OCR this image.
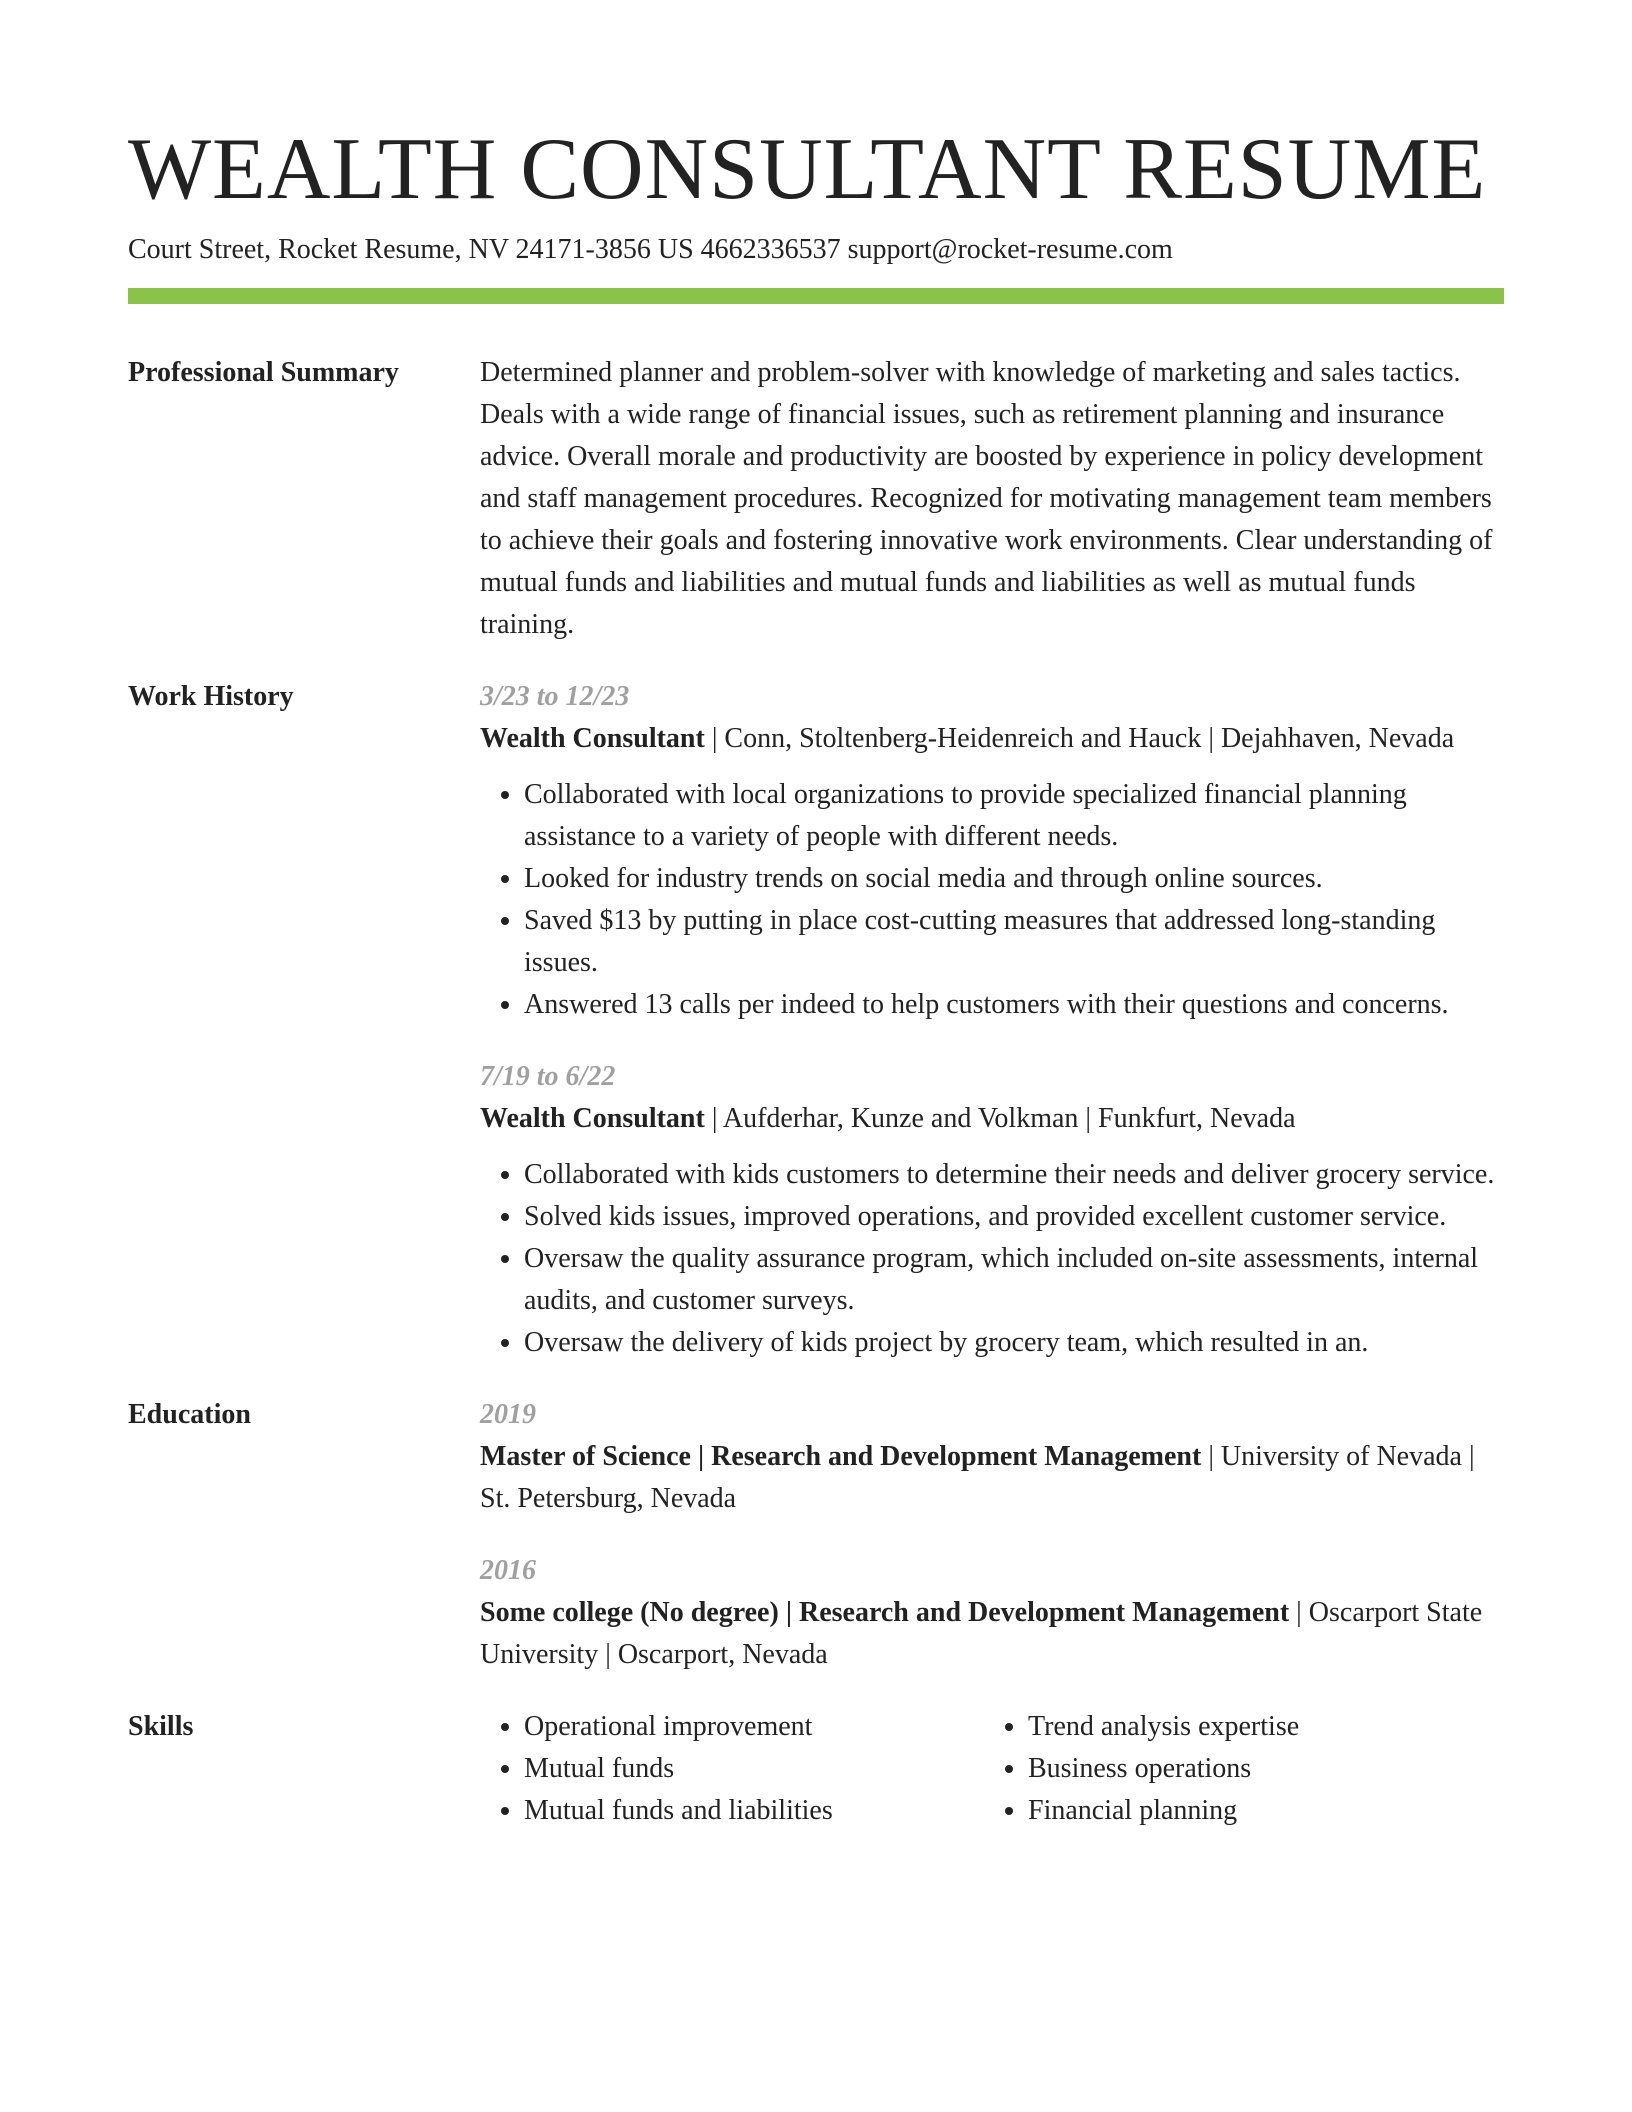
WEALTH CONSULTANT RESUME
Court Street, Rocket Resume, NV 24171-3856 US 4662336537 support@rocket-resume.com
Professional Summary	Determined planner and problem-solver with knowledge of marketing and sales tactics. Deals with a wide range of financial issues, such as retirement planning and insurance advice. Overall morale and productivity are boosted by experience in policy development and staff management procedures. Recognized for motivating management team members to achieve their goals and fostering innovative work environments. Clear understanding of mutual funds and liabilities and mutual funds and liabilities as well as mutual funds training.

Work History	3/23 to 12/23
Wealth Consultant | Conn, Stoltenberg-Heidenreich and Hauck | Dejahhaven, Nevada
• Collaborated with local organizations to provide specialized financial planning assistance to a variety of people with different needs.
• Looked for industry trends on social media and through online sources.
• Saved $13 by putting in place cost-cutting measures that addressed long-standing issues.
• Answered 13 calls per indeed to help customers with their questions and concerns.
7/19 to 6/22
Wealth Consultant | Aufderhar, Kunze and Volkman | Funkfurt, Nevada
• Collaborated with kids customers to determine their needs and deliver grocery service.
• Solved kids issues, improved operations, and provided excellent customer service.
• Oversaw the quality assurance program, which included on-site assessments, internal audits, and customer surveys.
• Oversaw the delivery of kids project by grocery team, which resulted in an.
Education	2019
Master of Science | Research and Development Management | University of Nevada | St. Petersburg, Nevada
2016
Some college (No degree) | Research and Development Management | Oscarport State University | Oscarport, Nevada
Skills
•	Operational improvement
• Mutual funds
• Mutual funds and liabilities
• Trend analysis expertise
• Business operations
• Financial planning
